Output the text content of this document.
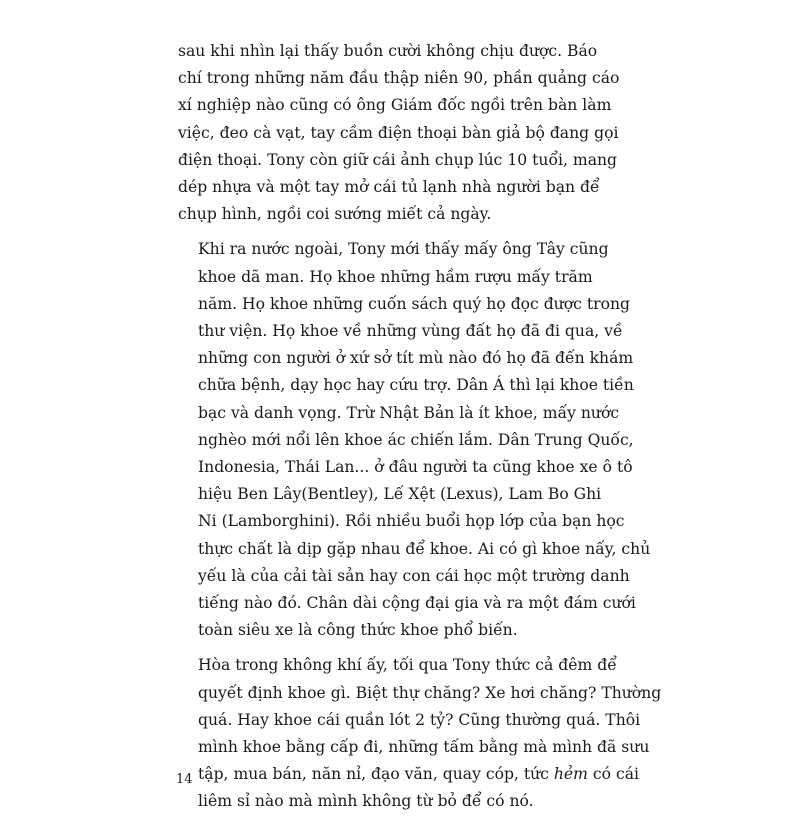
sau khi nhìn lại thấy buồn cười không chịu được. Báo
chí trong những năm đầu thập niên 90, phần quảng cáo
xí nghiệp nào cũng có ông Giám đốc ngồi trên bàn làm
việc, đeo cà vạt, tay cầm điện thoại bàn giả bộ đang gọi
điện thoại. Tony còn giữ cái ảnh chụp lúc 10 tuổi, mang
dép nhựa và một tay mở cái tủ lạnh nhà người bạn để
chụp hình, ngồi coi sướng miết cả ngày.

Khi ra nước ngoài, Tony mới thấy mấy ông Tây cũng
khoe dã man. Họ khoe những hầm rượu mấy trăm
năm. Họ khoe những cuốn sách quý họ đọc được trong
thư viện. Họ khoe về những vùng đất họ đã đi qua, về
những con người ở xứ sở tít mù nào đó họ đã đến khám
chữa bệnh, dạy học hay cứu trợ. Dân Á thì lại khoe tiền
bạc và danh vọng. Trừ Nhật Bản là ít khoe, mấy nước
nghèo mới nổi lên khoe ác chiến lắm. Dân Trung Quốc,
Indonesia, Thái Lan... ở đâu người ta cũng khoe xe ô tô
hiệu Ben Lây(Bentley), Lế Xệt (Lexus), Lam Bo Ghi
Ni (Lamborghini). Rồi nhiều buổi họp lớp của bạn học
thực chất là dịp gặp nhau để khoe. Ai có gì khoe nấy, chủ
yếu là của cải tài sản hay con cái học một trường danh
tiếng nào đó. Chân dài cộng đại gia và ra một đám cưới
toàn siêu xe là công thức khoe phổ biến.

Hòa trong không khí ấy, tối qua Tony thức cả đêm để
quyết định khoe gì. Biệt thự chăng? Xe hơi chăng? Thường
quá. Hay khoe cái quần lót 2 tỷ? Cũng thường quá. Thôi
mình khoe bằng cấp đi, những tấm bằng mà mình đã sưu
tập, mua bán, năn nỉ, đạo văn, quay cóp, tức hẻm có cái
liêm sỉ nào mà mình không từ bỏ để có nó.

14
